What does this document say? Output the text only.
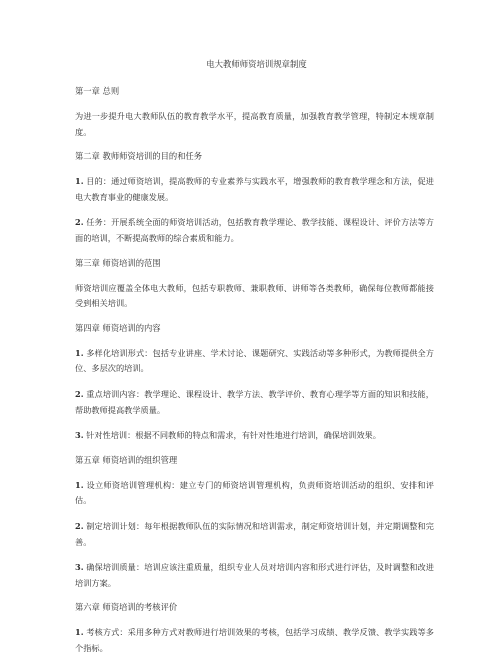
电大教师师资培训规章制度
第一章 总则
为进一步提升电大教师队伍的教育教学水平，提高教育质量，加强教育教学管理，特制定本规章制度。
第二章 教师师资培训的目的和任务
1. 目的：通过师资培训，提高教师的专业素养与实践水平，增强教师的教育教学理念和方法，促进电大教育事业的健康发展。
2. 任务：开展系统全面的师资培训活动，包括教育教学理论、教学技能、课程设计、评价方法等方面的培训，不断提高教师的综合素质和能力。
第三章 师资培训的范围
师资培训应覆盖全体电大教师，包括专职教师、兼职教师、讲师等各类教师，确保每位教师都能接受到相关培训。
第四章 师资培训的内容
1. 多样化培训形式：包括专业讲座、学术讨论、课题研究、实践活动等多种形式，为教师提供全方位、多层次的培训。
2. 重点培训内容：教学理论、课程设计、教学方法、教学评价、教育心理学等方面的知识和技能，帮助教师提高教学质量。
3. 针对性培训：根据不同教师的特点和需求，有针对性地进行培训，确保培训效果。
第五章 师资培训的组织管理
1. 设立师资培训管理机构：建立专门的师资培训管理机构，负责师资培训活动的组织、安排和评估。
2. 制定培训计划：每年根据教师队伍的实际情况和培训需求，制定师资培训计划，并定期调整和完善。
3. 确保培训质量：培训应该注重质量，组织专业人员对培训内容和形式进行评估，及时调整和改进培训方案。
第六章 师资培训的考核评价
1. 考核方式：采用多种方式对教师进行培训效果的考核，包括学习成绩、教学反馈、教学实践等多个指标。
